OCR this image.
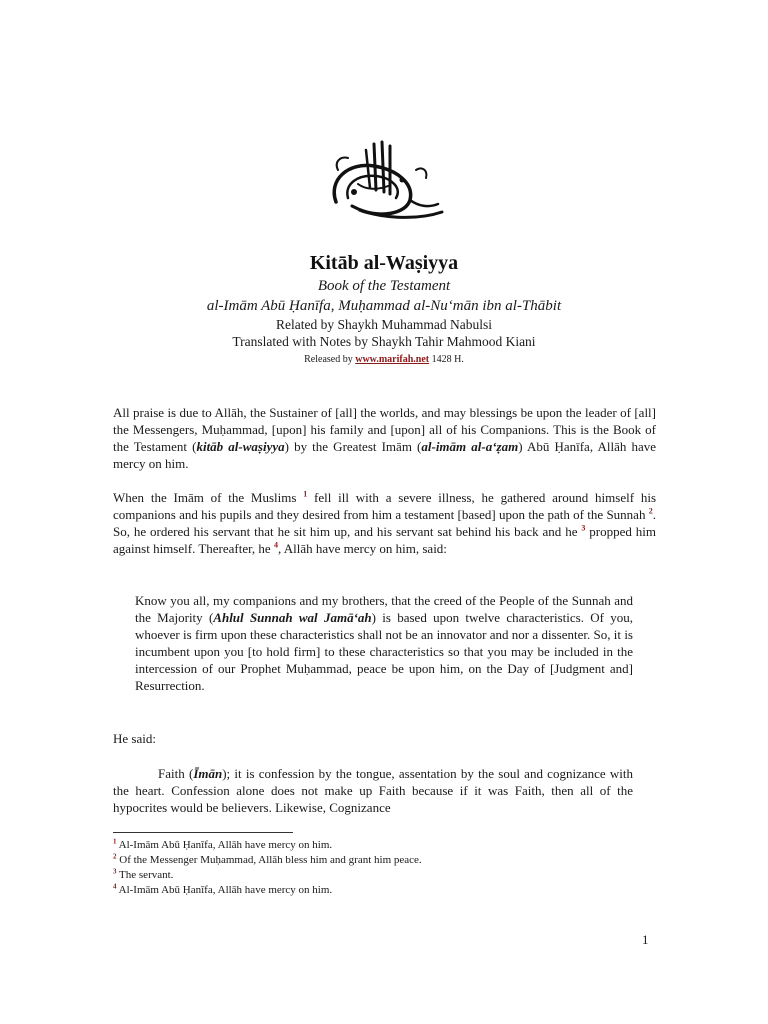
Kitāb al-Waṣiyya
Book of the Testament
al-Imām Abū Ḥanīfa, Muḥammad al-Nu‘mān ibn al-Thābit
Related by Shaykh Muhammad Nabulsi
Translated with Notes by Shaykh Tahir Mahmood Kiani
Released by www.marifah.net 1428 H.
All praise is due to Allāh, the Sustainer of [all] the worlds, and may blessings be upon the leader of [all] the Messengers, Muḥammad, [upon] his family and [upon] all of his Companions. This is the Book of the Testament (kitāb al-waṣiyya) by the Greatest Imām (al-imām al-a‘ẓam) Abū Ḥanīfa, Allāh have mercy on him.
When the Imām of the Muslims $^1$ fell ill with a severe illness, he gathered around himself his companions and his pupils and they desired from him a testament [based] upon the path of the Sunnah $^2$. So, he ordered his servant that he sit him up, and his servant sat behind his back and he $^3$ propped him against himself. Thereafter, he $^4$, Allāh have mercy on him, said:
Know you all, my companions and my brothers, that the creed of the People of the Sunnah and the Majority (Ahlul Sunnah wal Jamā‘ah) is based upon twelve characteristics. Of you, whoever is firm upon these characteristics shall not be an innovator and nor a dissenter. So, it is incumbent upon you [to hold firm] to these characteristics so that you may be included in the intercession of our Prophet Muḥammad, peace be upon him, on the Day of [Judgment and] Resurrection.
He said:
Faith (Īmān); it is confession by the tongue, assentation by the soul and cognizance with the heart. Confession alone does not make up Faith because if it was Faith, then all of the hypocrites would be believers. Likewise, Cognizance
$^1$ Al-Imām Abū Ḥanīfa, Allāh have mercy on him.
$^2$ Of the Messenger Muḥammad, Allāh bless him and grant him peace.
$^3$ The servant.
$^4$ Al-Imām Abū Ḥanīfa, Allāh have mercy on him.
1
